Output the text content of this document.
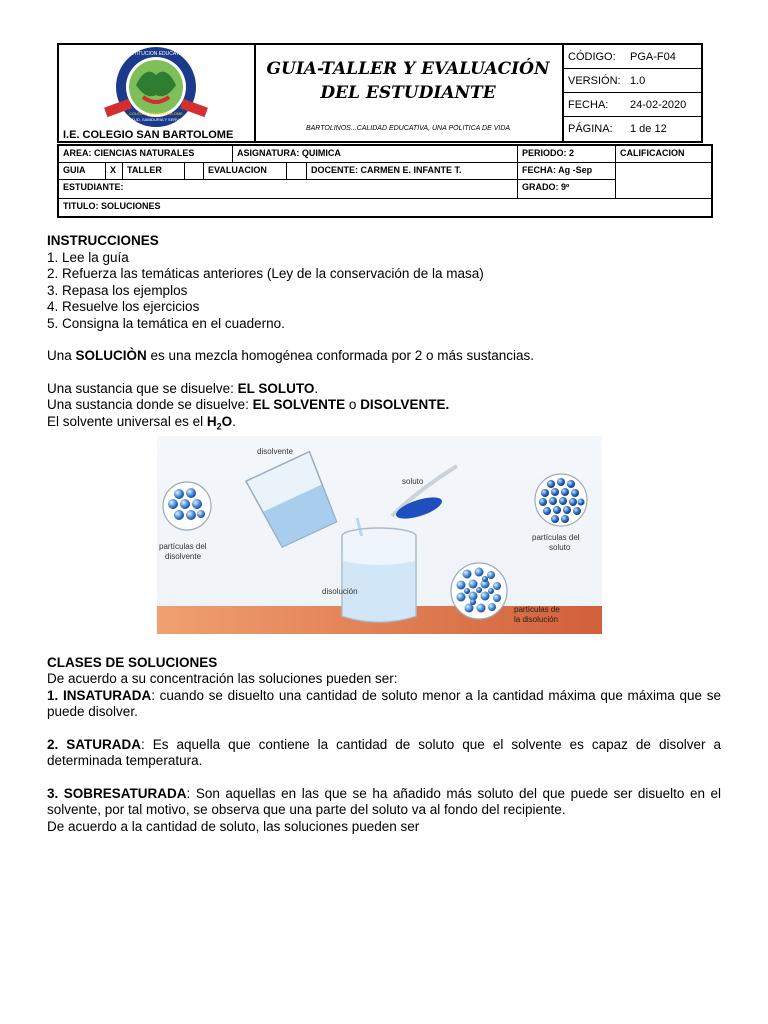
INSTITUCION EDUCATIVA
VIRTUD, SABIDURIA Y SERVICIO
COLEGIO SAN BARTOLOME
I.E. COLEGIO SAN BARTOLOME
GUIA-TALLER Y EVALUACIÓN
DEL ESTUDIANTE
BARTOLINOS...CALIDAD EDUCATIVA, UNA POLITICA DE VIDA
CÓDIGO: PGA-F04
VERSIÓN: 1.0
FECHA: 24-02-2020
PÁGINA: 1 de 12
AREA: CIENCIAS NATURALES	ASIGNATURA: QUIMICA	PERIODO: 2	CALIFICACION
GUIA	X	TALLER	EVALUACION	DOCENTE: CARMEN E. INFANTE T.	FECHA: Ag -Sep
ESTUDIANTE:	GRADO: 9º
TITULO: SOLUCIONES

INSTRUCCIONES

1. Lee la guía

2. Refuerza las temáticas anteriores (Ley de la conservación de la masa)

3. Repasa los ejemplos

4. Resuelve los ejercicios

5. Consigna la temática en el cuaderno.

Una SOLUCIÒN es una mezcla homogénea conformada por 2 o más sustancias.

Una sustancia que se disuelve: EL SOLUTO.

Una sustancia donde se disuelve: EL SOLVENTE o DISOLVENTE.

El solvente universal es el $H_2O$.

CLASES DE SOLUCIONES

De acuerdo a su concentración las soluciones pueden ser:

1. INSATURADA: cuando se disuelto una cantidad de soluto menor a la cantidad máxima que máxima que se puede disolver.

2. SATURADA: Es aquella que contiene la cantidad de soluto que el solvente es capaz de disolver a determinada temperatura.

3. SOBRESATURADA: Son aquellas en las que se ha añadido más soluto del que puede ser disuelto en el solvente, por tal motivo, se observa que una parte del soluto va al fondo del recipiente.

De acuerdo a la cantidad de soluto, las soluciones pueden ser

partículas del
disolvente
disolvente
soluto
disolución
partículas del
soluto
partículas de
la disolución
